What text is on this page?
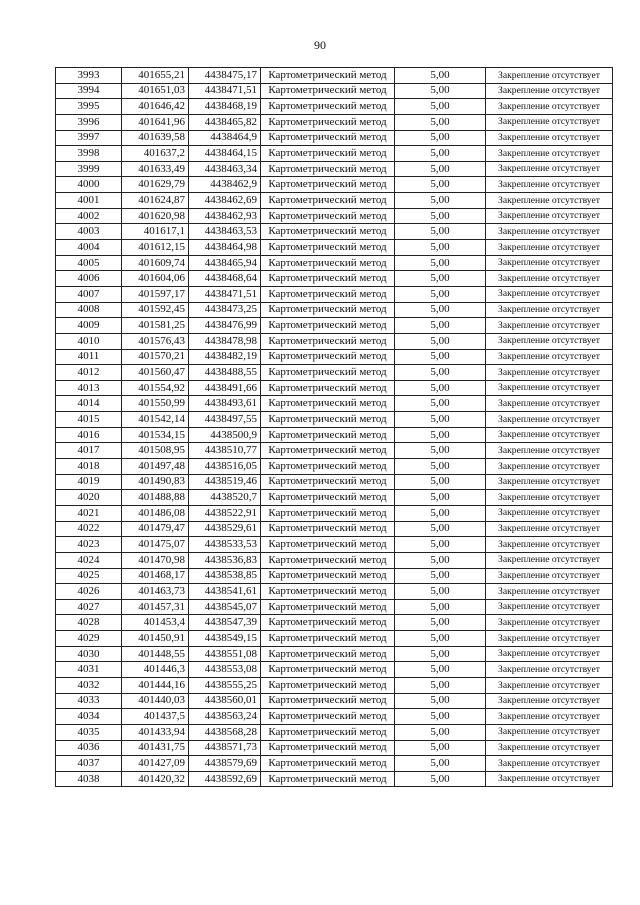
90
3993	401655,21	4438475,17	Картометрический метод	5,00	Закрепление отсутствует
3994	401651,03	4438471,51	Картометрический метод	5,00	Закрепление отсутствует
3995	401646,42	4438468,19	Картометрический метод	5,00	Закрепление отсутствует
3996	401641,96	4438465,82	Картометрический метод	5,00	Закрепление отсутствует
3997	401639,58	4438464,9	Картометрический метод	5,00	Закрепление отсутствует
3998	401637,2	4438464,15	Картометрический метод	5,00	Закрепление отсутствует
3999	401633,49	4438463,34	Картометрический метод	5,00	Закрепление отсутствует
4000	401629,79	4438462,9	Картометрический метод	5,00	Закрепление отсутствует
4001	401624,87	4438462,69	Картометрический метод	5,00	Закрепление отсутствует
4002	401620,98	4438462,93	Картометрический метод	5,00	Закрепление отсутствует
4003	401617,1	4438463,53	Картометрический метод	5,00	Закрепление отсутствует
4004	401612,15	4438464,98	Картометрический метод	5,00	Закрепление отсутствует
4005	401609,74	4438465,94	Картометрический метод	5,00	Закрепление отсутствует
4006	401604,06	4438468,64	Картометрический метод	5,00	Закрепление отсутствует
4007	401597,17	4438471,51	Картометрический метод	5,00	Закрепление отсутствует
4008	401592,45	4438473,25	Картометрический метод	5,00	Закрепление отсутствует
4009	401581,25	4438476,99	Картометрический метод	5,00	Закрепление отсутствует
4010	401576,43	4438478,98	Картометрический метод	5,00	Закрепление отсутствует
4011	401570,21	4438482,19	Картометрический метод	5,00	Закрепление отсутствует
4012	401560,47	4438488,55	Картометрический метод	5,00	Закрепление отсутствует
4013	401554,92	4438491,66	Картометрический метод	5,00	Закрепление отсутствует
4014	401550,99	4438493,61	Картометрический метод	5,00	Закрепление отсутствует
4015	401542,14	4438497,55	Картометрический метод	5,00	Закрепление отсутствует
4016	401534,15	4438500,9	Картометрический метод	5,00	Закрепление отсутствует
4017	401508,95	4438510,77	Картометрический метод	5,00	Закрепление отсутствует
4018	401497,48	4438516,05	Картометрический метод	5,00	Закрепление отсутствует
4019	401490,83	4438519,46	Картометрический метод	5,00	Закрепление отсутствует
4020	401488,88	4438520,7	Картометрический метод	5,00	Закрепление отсутствует
4021	401486,08	4438522,91	Картометрический метод	5,00	Закрепление отсутствует
4022	401479,47	4438529,61	Картометрический метод	5,00	Закрепление отсутствует
4023	401475,07	4438533,53	Картометрический метод	5,00	Закрепление отсутствует
4024	401470,98	4438536,83	Картометрический метод	5,00	Закрепление отсутствует
4025	401468,17	4438538,85	Картометрический метод	5,00	Закрепление отсутствует
4026	401463,73	4438541,61	Картометрический метод	5,00	Закрепление отсутствует
4027	401457,31	4438545,07	Картометрический метод	5,00	Закрепление отсутствует
4028	401453,4	4438547,39	Картометрический метод	5,00	Закрепление отсутствует
4029	401450,91	4438549,15	Картометрический метод	5,00	Закрепление отсутствует
4030	401448,55	4438551,08	Картометрический метод	5,00	Закрепление отсутствует
4031	401446,3	4438553,08	Картометрический метод	5,00	Закрепление отсутствует
4032	401444,16	4438555,25	Картометрический метод	5,00	Закрепление отсутствует
4033	401440,03	4438560,01	Картометрический метод	5,00	Закрепление отсутствует
4034	401437,5	4438563,24	Картометрический метод	5,00	Закрепление отсутствует
4035	401433,94	4438568,28	Картометрический метод	5,00	Закрепление отсутствует
4036	401431,75	4438571,73	Картометрический метод	5,00	Закрепление отсутствует
4037	401427,09	4438579,69	Картометрический метод	5,00	Закрепление отсутствует
4038	401420,32	4438592,69	Картометрический метод	5,00	Закрепление отсутствует
